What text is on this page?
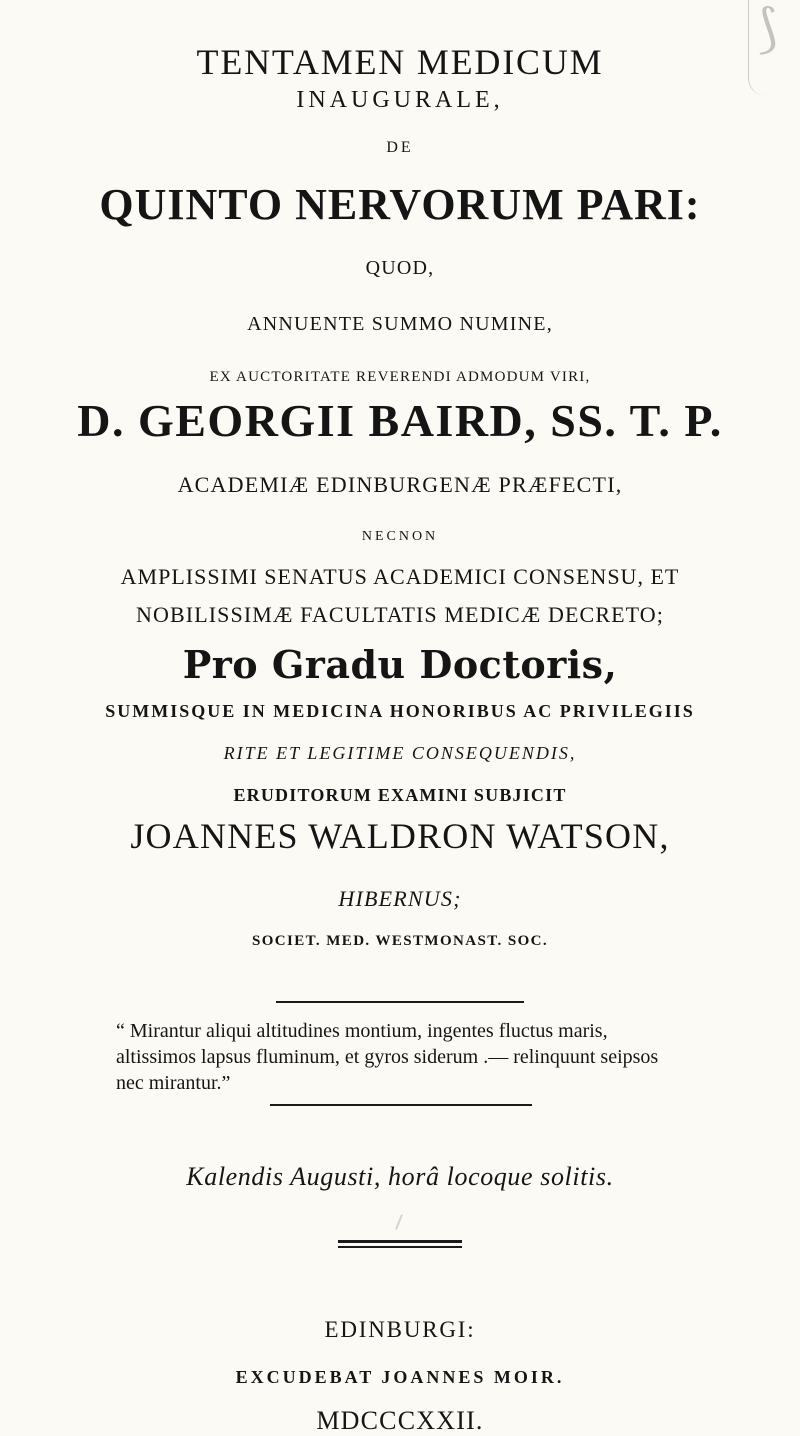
⟆
TENTAMEN MEDICUM
INAUGURALE,
DE
QUINTO NERVORUM PARI:
QUOD,
ANNUENTE SUMMO NUMINE,
EX AUCTORITATE REVERENDI ADMODUM VIRI,
D. GEORGII BAIRD, SS. T. P.
ACADEMIÆ EDINBURGENÆ PRÆFECTI,
NECNON
AMPLISSIMI SENATUS ACADEMICI CONSENSU, ET
NOBILISSIMÆ FACULTATIS MEDICÆ DECRETO;
Pro Gradu Doctoris,
SUMMISQUE IN MEDICINA HONORIBUS AC PRIVILEGIIS
RITE ET LEGITIME CONSEQUENDIS,
ERUDITORUM EXAMINI SUBJICIT
JOANNES WALDRON WATSON,
HIBERNUS;
SOCIET. MED. WESTMONAST. SOC.
“ Mirantur aliqui altitudines montium, ingentes fluctus maris, altissimos lapsus fluminum, et gyros siderum .— relinquunt seipsos nec mirantur.”
Kalendis Augusti, horâ locoque solitis.
EDINBURGI:
EXCUDEBAT JOANNES MOIR.
MDCCCXXII.
